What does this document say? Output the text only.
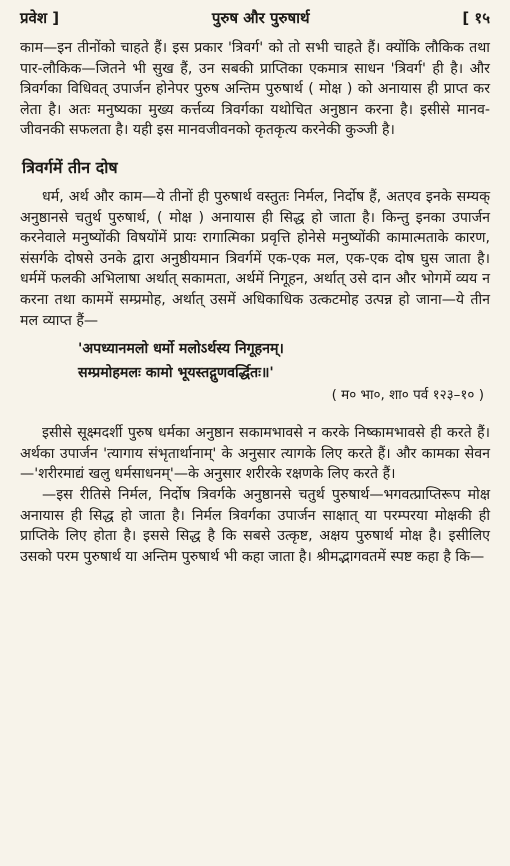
प्रवेश ]	पुरुष और पुरुषार्थ	[ १५

काम—इन तीनोंको चाहते हैं। इस प्रकार 'त्रिवर्ग' को तो सभी चाहते हैं। क्योंकि लौकिक तथा पार-लौकिक—जितने भी सुख हैं, उन सबकी प्राप्तिका एकमात्र साधन 'त्रिवर्ग' ही है। और त्रिवर्गका विधिवत् उपार्जन होनेपर पुरुष अन्तिम पुरुषार्थ ( मोक्ष ) को अनायास ही प्राप्त कर लेता है। अतः मनुष्यका मुख्य कर्त्तव्य त्रिवर्गका यथोचित अनुष्ठान करना है। इसीसे मानव-जीवनकी सफलता है। यही इस मानवजीवनको कृतकृत्य करनेकी कुञ्जी है।

त्रिवर्गमें तीन दोष

धर्म, अर्थ और काम—ये तीनों ही पुरुषार्थ वस्तुतः निर्मल, निर्दोष हैं, अतएव इनके सम्यक् अनुष्ठानसे चतुर्थ पुरुषार्थ, ( मोक्ष ) अनायास ही सिद्ध हो जाता है। किन्तु इनका उपार्जन करनेवाले मनुष्योंकी विषयोंमें प्रायः रागात्मिका प्रवृत्ति होनेसे मनुष्योंकी कामात्मताके कारण, संसर्गके दोषसे उनके द्वारा अनुष्ठीयमान त्रिवर्गमें एक-एक मल, एक-एक दोष घुस जाता है। धर्ममें फलकी अभिलाषा अर्थात् सकामता, अर्थमें निगूहन, अर्थात् उसे दान और भोगमें व्यय न करना तथा काममें सम्प्रमोह, अर्थात् उसमें अधिकाधिक उत्कटमोह उत्पन्न हो जाना—ये तीन मल व्याप्त हैं—

'अपध्यानमलो धर्मो मलोऽर्थस्य निगूहनम्।
सम्प्रमोहमलः कामो भूयस्तद्गुणवर्द्धितः॥'
( म० भा०, शा० पर्व १२३–१० )

इसीसे सूक्ष्मदर्शी पुरुष धर्मका अनुष्ठान सकामभावसे न करके निष्कामभावसे ही करते हैं। अर्थका उपार्जन 'त्यागाय संभृतार्थानाम्' के अनुसार त्यागके लिए करते हैं। और कामका सेवन—'शरीरमाद्यं खलु धर्मसाधनम्'—के अनुसार शरीरके रक्षणके लिए करते हैं।

—इस रीतिसे निर्मल, निर्दोष त्रिवर्गके अनुष्ठानसे चतुर्थ पुरुषार्थ—भगवत्प्राप्तिरूप मोक्ष अनायास ही सिद्ध हो जाता है। निर्मल त्रिवर्गका उपार्जन साक्षात् या परम्परया मोक्षकी ही प्राप्तिके लिए होता है। इससे सिद्ध है कि सबसे उत्कृष्ट, अक्षय पुरुषार्थ मोक्ष है। इसीलिए उसको परम पुरुषार्थ या अन्तिम पुरुषार्थ भी कहा जाता है। श्रीमद्भागवतमें स्पष्ट कहा है कि—
